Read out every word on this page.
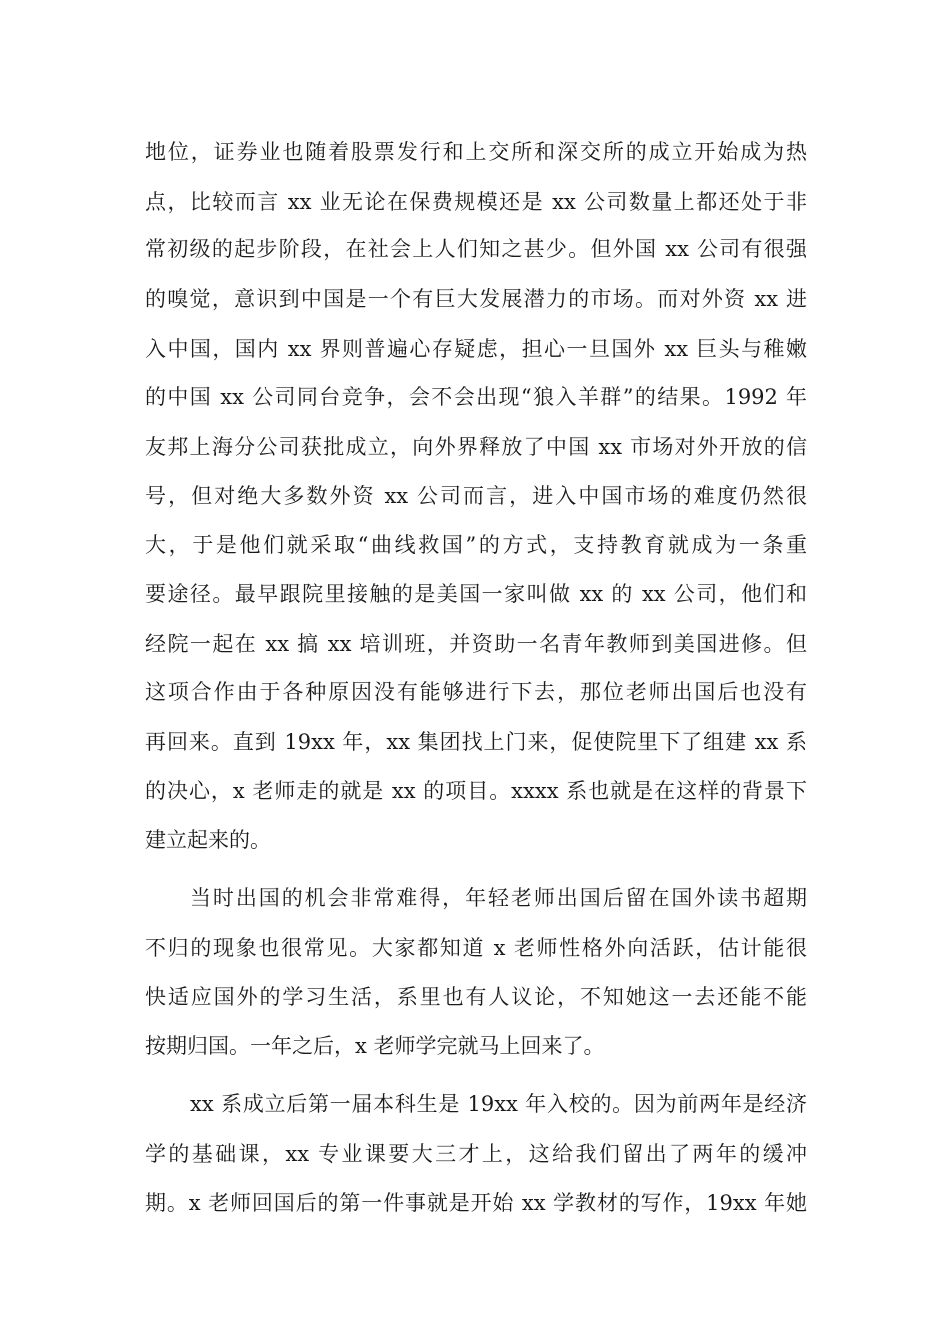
地位，证券业也随着股票发行和上交所和深交所的成立开始成为热
点，比较而言 xx 业无论在保费规模还是 xx 公司数量上都还处于非
常初级的起步阶段，在社会上人们知之甚少。但外国 xx 公司有很强
的嗅觉，意识到中国是一个有巨大发展潜力的市场。而对外资 xx 进
入中国，国内 xx 界则普遍心存疑虑，担心一旦国外 xx 巨头与稚嫩
的中国 xx 公司同台竞争，会不会出现“狼入羊群”的结果。1992 年
友邦上海分公司获批成立，向外界释放了中国 xx 市场对外开放的信
号，但对绝大多数外资 xx 公司而言，进入中国市场的难度仍然很
大，于是他们就采取“曲线救国”的方式，支持教育就成为一条重
要途径。最早跟院里接触的是美国一家叫做 xx 的 xx 公司，他们和
经院一起在 xx 搞 xx 培训班，并资助一名青年教师到美国进修。但
这项合作由于各种原因没有能够进行下去，那位老师出国后也没有
再回来。直到 19xx 年，xx 集团找上门来，促使院里下了组建 xx 系
的决心，x 老师走的就是 xx 的项目。xxxx 系也就是在这样的背景下
建立起来的。
当时出国的机会非常难得，年轻老师出国后留在国外读书超期
不归的现象也很常见。大家都知道 x 老师性格外向活跃，估计能很
快适应国外的学习生活，系里也有人议论，不知她这一去还能不能
按期归国。一年之后，x 老师学完就马上回来了。
xx 系成立后第一届本科生是 19xx 年入校的。因为前两年是经济
学的基础课，xx 专业课要大三才上，这给我们留出了两年的缓冲
期。x 老师回国后的第一件事就是开始 xx 学教材的写作，19xx 年她
